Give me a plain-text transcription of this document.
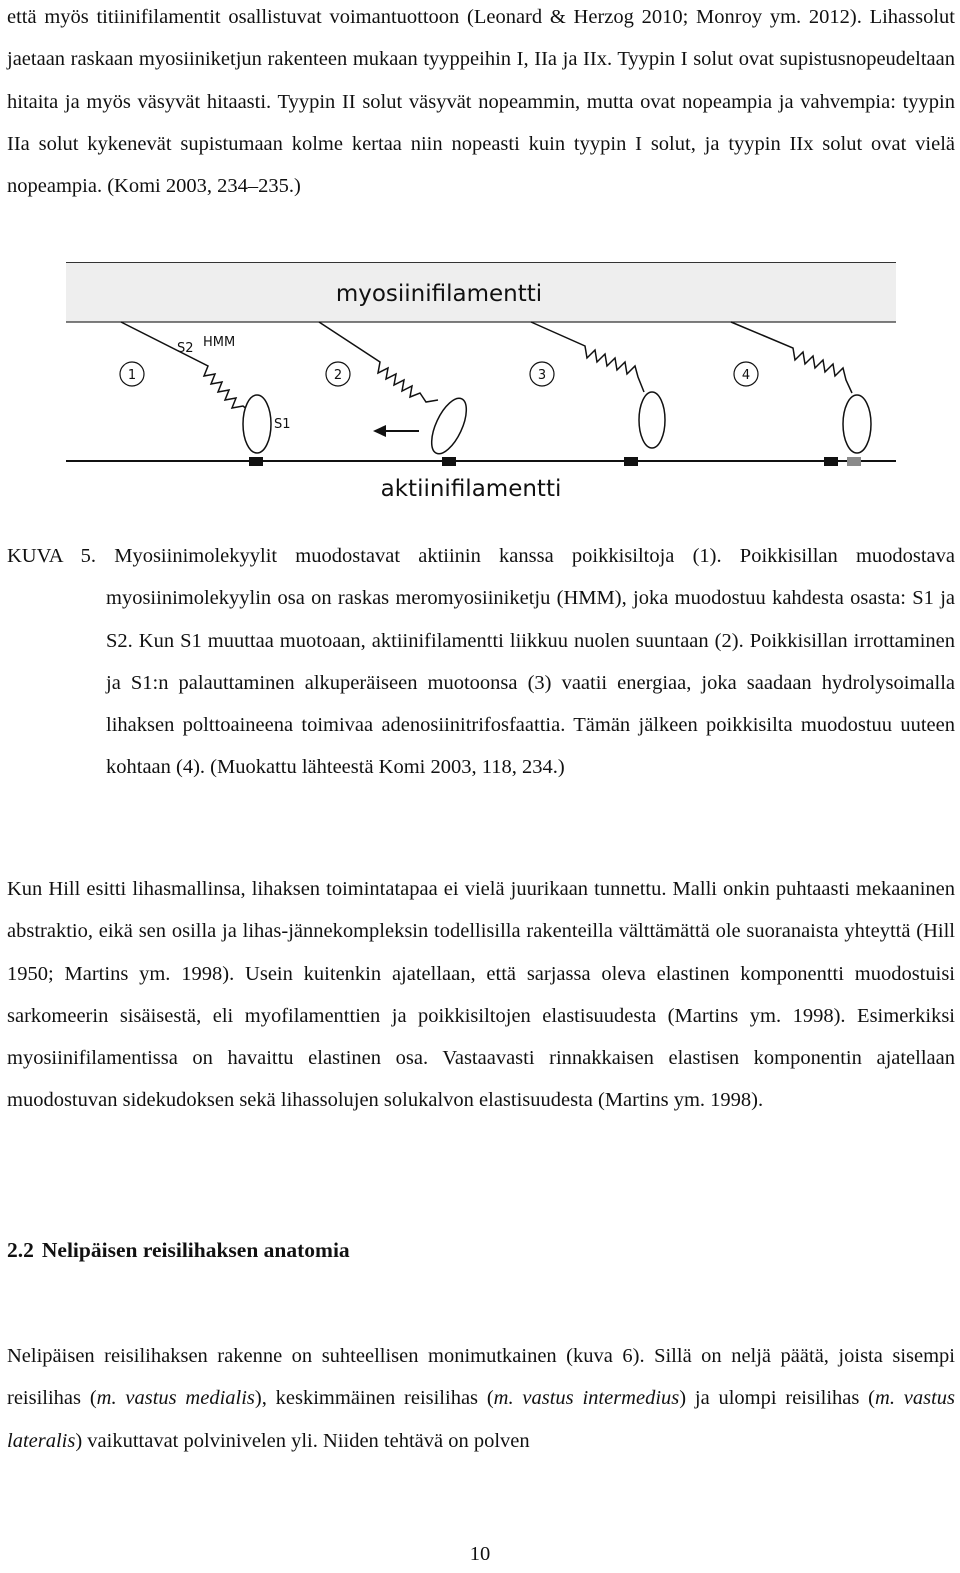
että myös titiinifilamentit osallistuvat voimantuottoon (Leonard & Herzog 2010; Monroy ym. 2012). Lihassolut jaetaan raskaan myosiiniketjun rakenteen mukaan tyyppeihin I, IIa ja IIx. Tyypin I solut ovat supistusnopeudeltaan hitaita ja myös väsyvät hitaasti. Tyypin II solut väsyvät nopeammin, mutta ovat nopeampia ja vahvempia: tyypin IIa solut kykenevät supistumaan kolme kertaa niin nopeasti kuin tyypin I solut, ja tyypin IIx solut ovat vielä nopeampia. (Komi 2003, 234–235.)

myosiinifilamentti
1	2	3	4
S2 HMM
S1
aktiinifilamentti
KUVA 5. Myosiinimolekyylit muodostavat aktiinin kanssa poikkisiltoja (1). Poikkisillan muodostava myosiinimolekyylin osa on raskas meromyosiiniketju (HMM), joka muodostuu kahdesta osasta: S1 ja S2. Kun S1 muuttaa muotoaan, aktiinifilamentti liikkuu nuolen suuntaan (2). Poikkisillan irrottaminen ja S1:n palauttaminen alkuperäiseen muotoonsa (3) vaatii energiaa, joka saadaan hydrolysoimalla lihaksen polttoaineena toimivaa adenosiinitrifosfaattia. Tämän jälkeen poikkisilta muodostuu uuteen kohtaan (4). (Muokattu lähteestä Komi 2003, 118, 234.)

Kun Hill esitti lihasmallinsa, lihaksen toimintatapaa ei vielä juurikaan tunnettu. Malli onkin puhtaasti mekaaninen abstraktio, eikä sen osilla ja lihas-jännekompleksin todellisilla rakenteilla välttämättä ole suoranaista yhteyttä (Hill 1950; Martins ym. 1998). Usein kuitenkin ajatellaan, että sarjassa oleva elastinen komponentti muodostuisi sarkomeerin sisäisestä, eli myofilamenttien ja poikkisiltojen elastisuudesta (Martins ym. 1998). Esimerkiksi myosiinifilamentissa on havaittu elastinen osa. Vastaavasti rinnakkaisen elastisen komponentin ajatellaan muodostuvan sidekudoksen sekä lihassolujen solukalvon elastisuudesta (Martins ym. 1998).

2.2 Nelipäisen reisilihaksen anatomia

Nelipäisen reisilihaksen rakenne on suhteellisen monimutkainen (kuva 6). Sillä on neljä päätä, joista sisempi reisilihas (m. vastus medialis), keskimmäinen reisilihas (m. vastus intermedius) ja ulompi reisilihas (m. vastus lateralis) vaikuttavat polvinivelen yli. Niiden tehtävä on polven

10
